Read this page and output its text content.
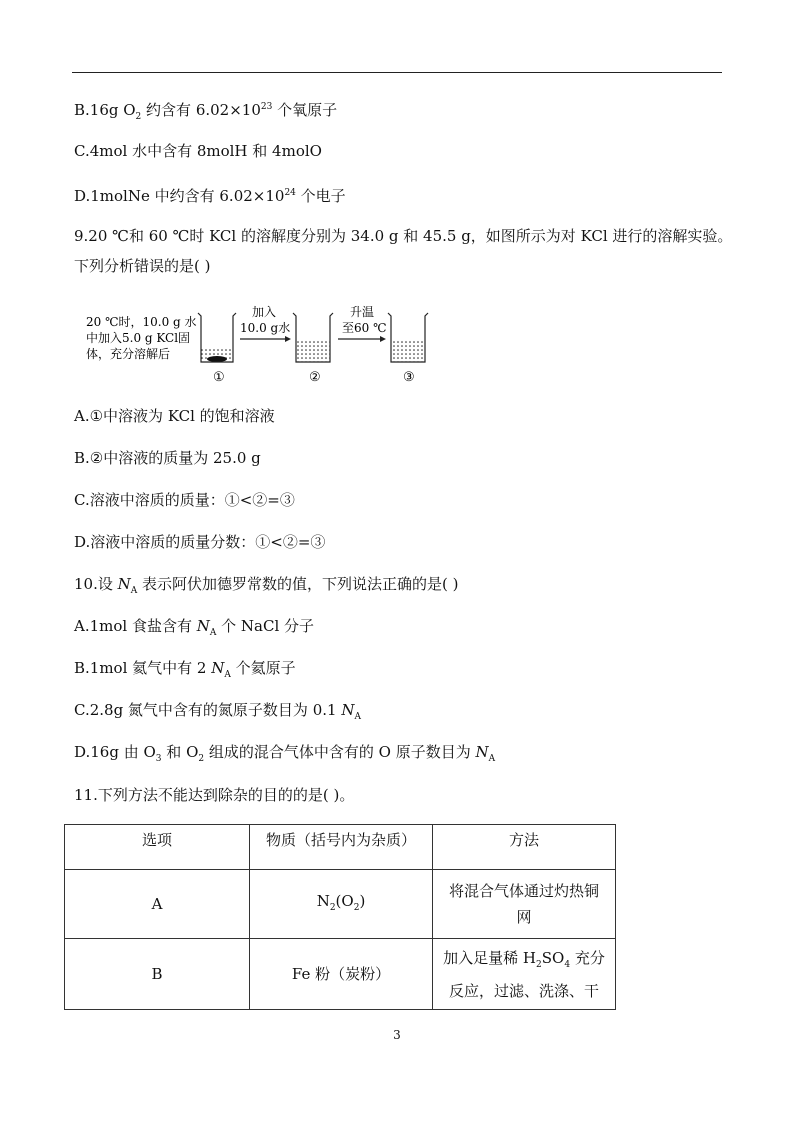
B.16g $O_2$ 约含有 $6.02\times 10^{23}$ 个氧原子
C.4mol 水中含有 8molH 和 4molO
D.1molNe 中约含有 $6.02\times 10^{24}$ 个电子
9.20 ℃和 60 ℃时 KCl 的溶解度分别为 34.0 g 和 45.5 g，如图所示为对 KCl 进行的溶解实验。
下列分析错误的是( )
20 ℃时，10.0 g 水
中加入5.0 g KCl固
体，充分溶解后
①
加入
10.0 g水
②
升温
至60 ℃
③
A.①中溶液为 KCl 的饱和溶液
B.②中溶液的质量为 25.0 g
C.溶液中溶质的质量：①<②=③
D.溶液中溶质的质量分数：①<②=③
10.设 $N_A$ 表示阿伏加德罗常数的值，下列说法正确的是( )
A.1mol 食盐含有 $N_A$ 个 NaCl 分子
B.1mol 氦气中有 2 $N_A$ 个氦原子
C.2.8g 氮气中含有的氮原子数目为 0.1 $N_A$
D.16g 由 $O_3$ 和 $O_2$ 组成的混合气体中含有的 O 原子数目为 $N_A$
11.下列方法不能达到除杂的目的的是( )。
选项	物质（括号内为杂质）	方法
A	$N_2(O_2)$	将混合气体通过灼热铜
网

B	Fe 粉（炭粉）	加入足量稀 $H_2SO_4$ 充分
反应，过滤、洗涤、干
3
